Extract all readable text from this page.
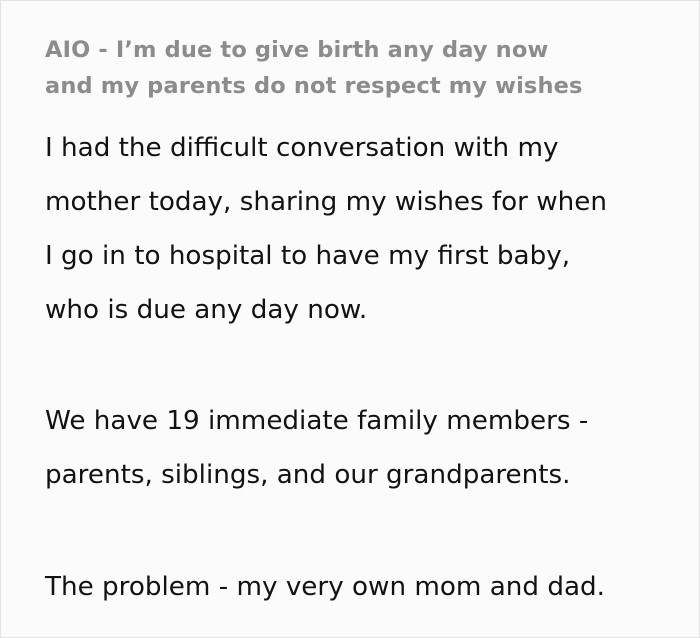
AIO - I’m due to give birth any day now
and my parents do not respect my wishes

I had the difficult conversation with my
mother today, sharing my wishes for when
I go in to hospital to have my first baby,
who is due any day now.

We have 19 immediate family members -
parents, siblings, and our grandparents.

The problem - my very own mom and dad.
